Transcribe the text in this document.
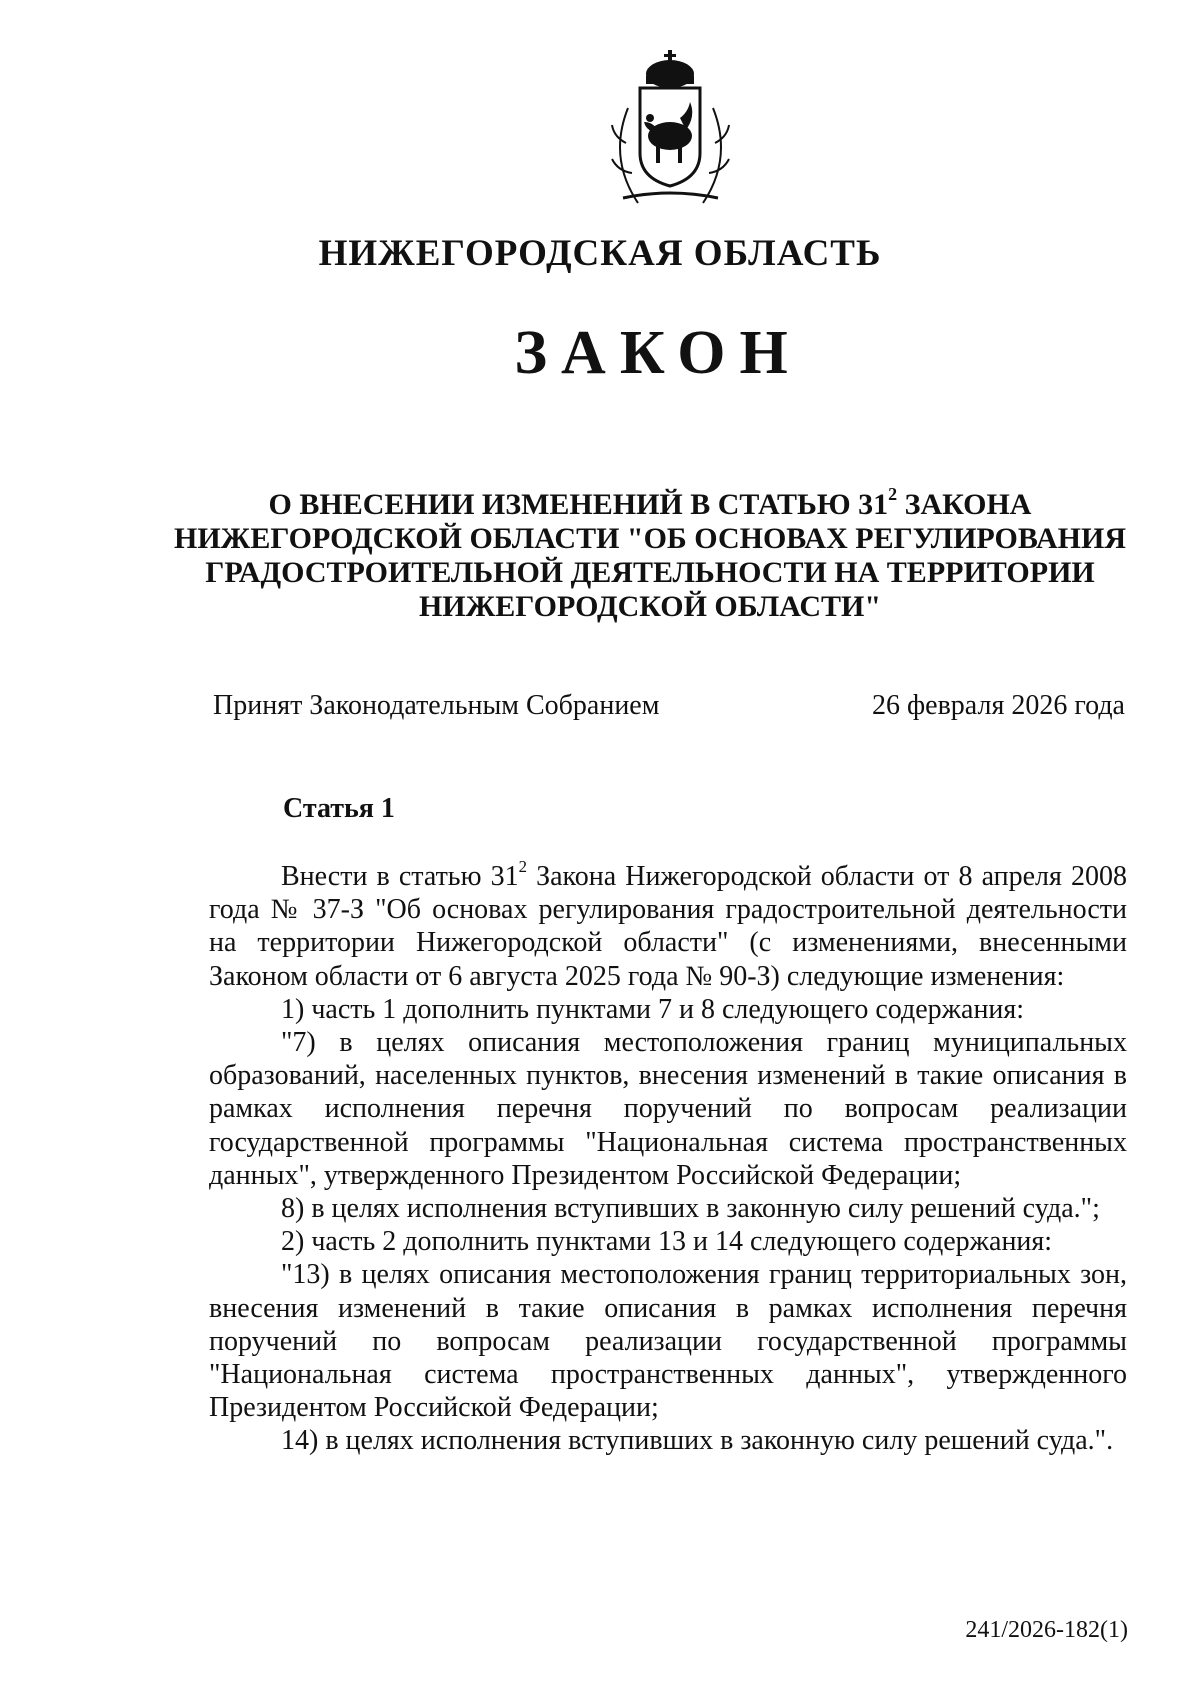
НИЖЕГОРОДСКАЯ ОБЛАСТЬ
ЗАКОН
О ВНЕСЕНИИ ИЗМЕНЕНИЙ В СТАТЬЮ $31^2$ ЗАКОНА
НИЖЕГОРОДСКОЙ ОБЛАСТИ "ОБ ОСНОВАХ РЕГУЛИРОВАНИЯ
ГРАДОСТРОИТЕЛЬНОЙ ДЕЯТЕЛЬНОСТИ НА ТЕРРИТОРИИ
НИЖЕГОРОДСКОЙ ОБЛАСТИ"
Принят Законодательным Собранием	26 февраля 2026 года
Статья 1

Внести в статью $31^2$ Закона Нижегородской области от 8 апреля 2008 года № 37-З "Об основах регулирования градостроительной деятельности на территории Нижегородской области" (с изменениями, внесенными Законом области от 6 августа 2025 года № 90-З) следующие изменения:

1) часть 1 дополнить пунктами 7 и 8 следующего содержания:

"7) в целях описания местоположения границ муниципальных образований, населенных пунктов, внесения изменений в такие описания в рамках исполнения перечня поручений по вопросам реализации государственной программы "Национальная система пространственных данных", утвержденного Президентом Российской Федерации;

8) в целях исполнения вступивших в законную силу решений суда.";

2) часть 2 дополнить пунктами 13 и 14 следующего содержания:

"13) в целях описания местоположения границ территориальных зон, внесения изменений в такие описания в рамках исполнения перечня поручений по вопросам реализации государственной программы "Национальная система пространственных данных", утвержденного Президентом Российской Федерации;

14) в целях исполнения вступивших в законную силу решений суда.".

241/2026-182(1)
